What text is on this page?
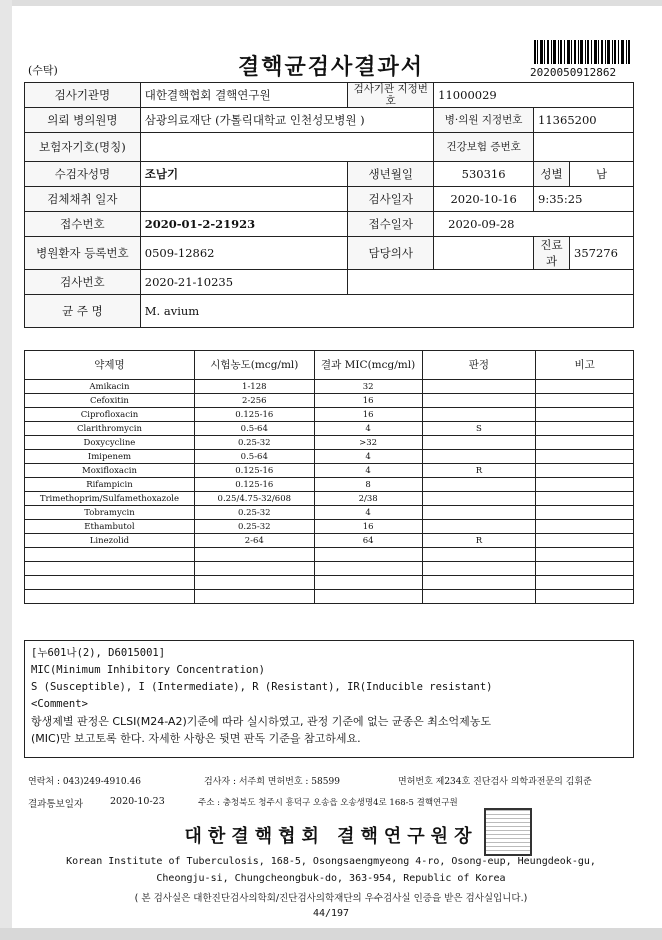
(수탁)	결핵균검사결과서	2020050912862
검사기관명	대한결핵협회 결핵연구원	검사기관 지정번호	11000029		
의뢰 병의원명	삼광의료재단 (가톨릭대학교 인천성모병원 )		병·의원 지정번호	11365200	
보험자기호(명칭)			건강보험 증번호		
수검자성명	조남기	생년월일	530316	성별	남
검체채취 일자		검사일자	2020-10-16	9:35:25	
접수번호	2020-01-2-21923	접수일자	2020-09-28		
병원환자 등록번호	0509-12862	담당의사		진료과	357276
검사번호	2020-21-10235				
균 주 명	M. avium				
약제명	시험농도(mcg/ml)	결과 MIC(mcg/ml)	판정	비고
Amikacin	1-128	32		
Cefoxitin	2-256	16		
Ciprofloxacin	0.125-16	16		
Clarithromycin	0.5-64	4	S	
Doxycycline	0.25-32	>32		
Imipenem	0.5-64	4		
Moxifloxacin	0.125-16	4	R	
Rifampicin	0.125-16	8		
Trimethoprim/Sulfamethoxazole	0.25/4.75-32/608	2/38		
Tobramycin	0.25-32	4		
Ethambutol	0.25-32	16		
Linezolid	2-64	64	R	

[누601나(2), D6015001]
MIC(Minimum Inhibitory Concentration)
S (Susceptible), I (Intermediate), R (Resistant), IR(Inducible resistant)
<Comment>
항생제별 판정은 CLSI(M24-A2)기준에 따라 실시하였고, 관정 기준에 없는 균종은 최소억제농도
(MIC)만 보고토록 한다. 자세한 사항은 뒷면 판독 기준을 참고하세요.
연락처 : 043)249-4910.46	검사자 : 서주희 면허번호 : 58599	면허번호 제234호 진단검사 의학과전문의 김휘준
결과통보일자	2020-10-23	주소 : 충청북도 청주시 흥덕구 오송읍 오송생명4로 168-5 결핵연구원
대한결핵협회 결핵연구원장
Korean Institute of Tuberculosis, 168-5, Osongsaengmyeong 4-ro, Osong-eup, Heungdeok-gu,
Cheongju-si, Chungcheongbuk-do, 363-954, Republic of Korea
( 본 검사실은 대한진단검사의학회/진단검사의학재단의 우수검사실 인증을 받은 검사실입니다.)
44/197
